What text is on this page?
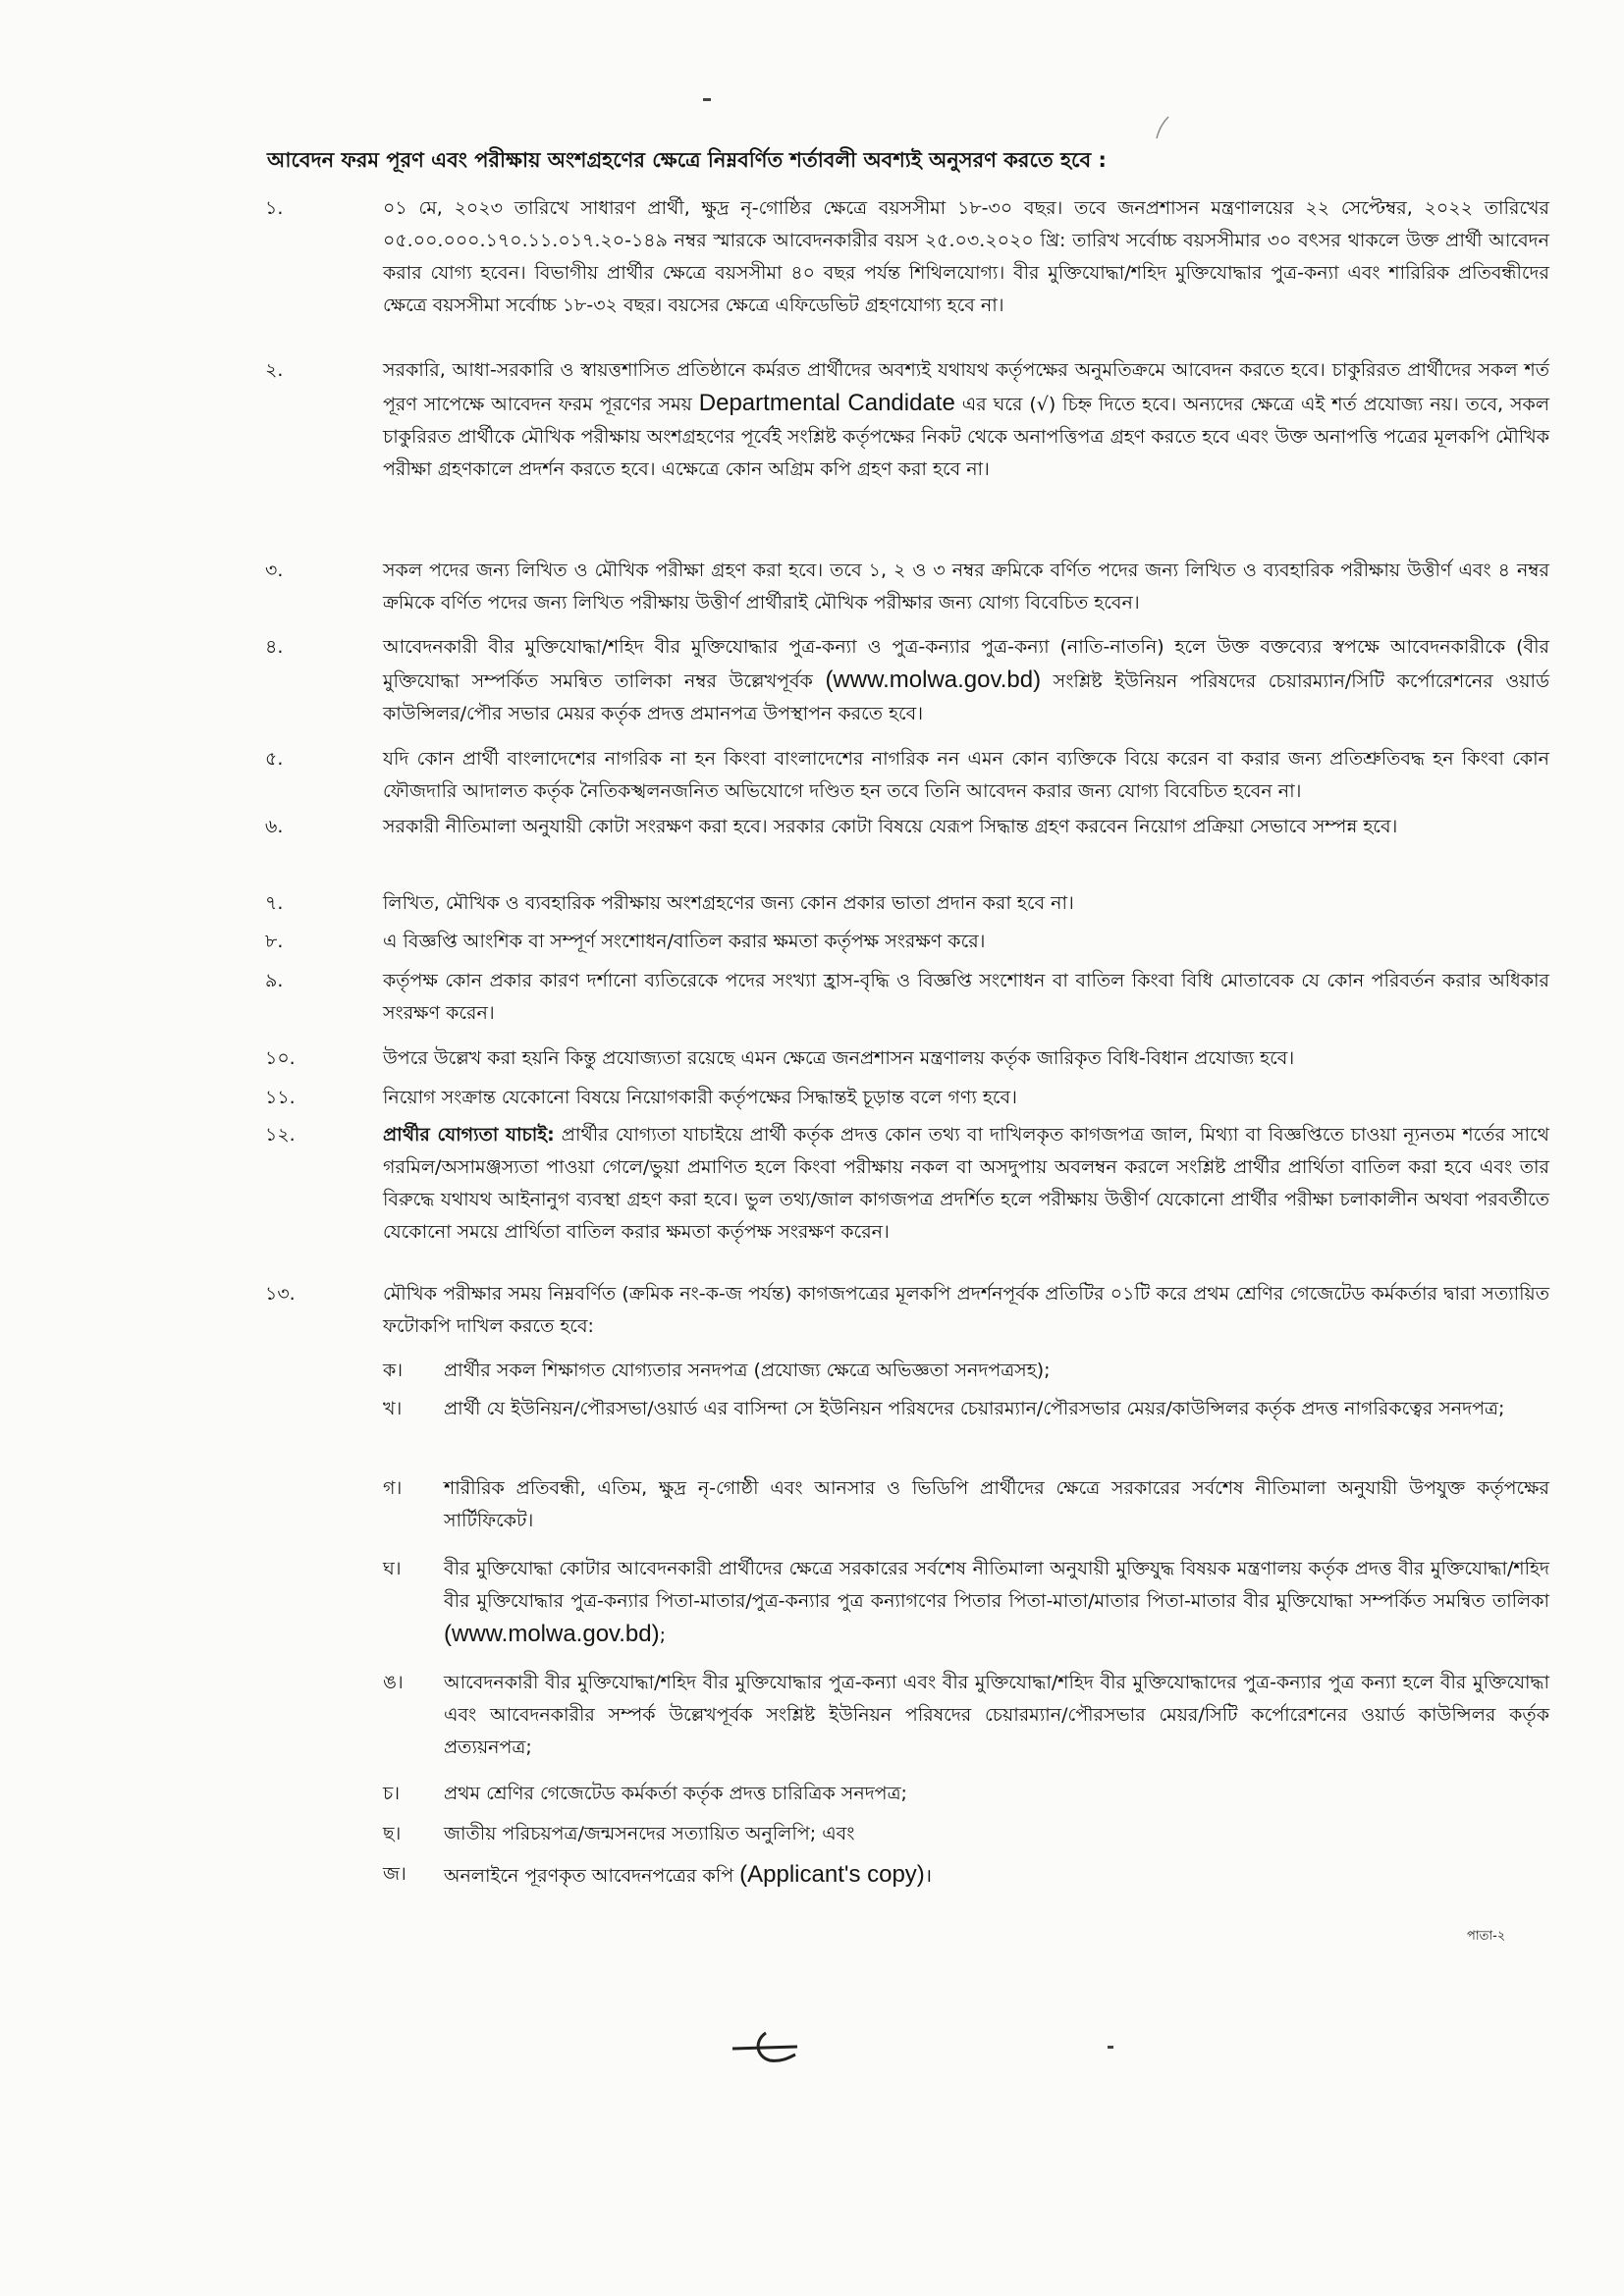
আবেদন ফরম পূরণ এবং পরীক্ষায় অংশগ্রহণের ক্ষেত্রে নিম্নবর্ণিত শর্তাবলী অবশ্যই অনুসরণ করতে হবে :
১.	০১ মে, ২০২৩ তারিখে সাধারণ প্রার্থী, ক্ষুদ্র নৃ-গোষ্ঠির ক্ষেত্রে বয়সসীমা ১৮-৩০ বছর। তবে জনপ্রশাসন মন্ত্রণালয়ের ২২ সেপ্টেম্বর, ২০২২ তারিখের ০৫.০০.০০০.১৭০.১১.০১৭.২০-১৪৯ নম্বর স্মারকে আবেদনকারীর বয়স ২৫.০৩.২০২০ খ্রি: তারিখ সর্বোচ্চ বয়সসীমার ৩০ বৎসর থাকলে উক্ত প্রার্থী আবেদন করার যোগ্য হবেন। বিভাগীয় প্রার্থীর ক্ষেত্রে বয়সসীমা ৪০ বছর পর্যন্ত শিথিলযোগ্য। বীর মুক্তিযোদ্ধা/শহিদ মুক্তিযোদ্ধার পুত্র-কন্যা এবং শারিরিক প্রতিবন্ধীদের ক্ষেত্রে বয়সসীমা সর্বোচ্চ ১৮-৩২ বছর। বয়সের ক্ষেত্রে এফিডেভিট গ্রহণযোগ্য হবে না।
২.	সরকারি, আধা-সরকারি ও স্বায়ত্তশাসিত প্রতিষ্ঠানে কর্মরত প্রার্থীদের অবশ্যই যথাযথ কর্তৃপক্ষের অনুমতিক্রমে আবেদন করতে হবে। চাকুরিরত প্রার্থীদের সকল শর্ত পূরণ সাপেক্ষে আবেদন ফরম পূরণের সময় Departmental Candidate এর ঘরে (√) চিহ্ন দিতে হবে। অন্যদের ক্ষেত্রে এই শর্ত প্রযোজ্য নয়। তবে, সকল চাকুরিরত প্রার্থীকে মৌখিক পরীক্ষায় অংশগ্রহণের পূর্বেই সংশ্লিষ্ট কর্তৃপক্ষের নিকট থেকে অনাপত্তিপত্র গ্রহণ করতে হবে এবং উক্ত অনাপত্তি পত্রের মূলকপি মৌখিক পরীক্ষা গ্রহণকালে প্রদর্শন করতে হবে। এক্ষেত্রে কোন অগ্রিম কপি গ্রহণ করা হবে না।
৩.	সকল পদের জন্য লিখিত ও মৌখিক পরীক্ষা গ্রহণ করা হবে। তবে ১, ২ ও ৩ নম্বর ক্রমিকে বর্ণিত পদের জন্য লিখিত ও ব্যবহারিক পরীক্ষায় উত্তীর্ণ এবং ৪ নম্বর ক্রমিকে বর্ণিত পদের জন্য লিখিত পরীক্ষায় উত্তীর্ণ প্রার্থীরাই মৌখিক পরীক্ষার জন্য যোগ্য বিবেচিত হবেন।
৪.	আবেদনকারী বীর মুক্তিযোদ্ধা/শহিদ বীর মুক্তিযোদ্ধার পুত্র-কন্যা ও পুত্র-কন্যার পুত্র-কন্যা (নাতি-নাতনি) হলে উক্ত বক্তব্যের স্বপক্ষে আবেদনকারীকে (বীর মুক্তিযোদ্ধা সম্পর্কিত সমন্বিত তালিকা নম্বর উল্লেখপূর্বক (www.molwa.gov.bd) সংশ্লিষ্ট ইউনিয়ন পরিষদের চেয়ারম্যান/সিটি কর্পোরেশনের ওয়ার্ড কাউন্সিলর/পৌর সভার মেয়র কর্তৃক প্রদত্ত প্রমানপত্র উপস্থাপন করতে হবে।
৫.	যদি কোন প্রার্থী বাংলাদেশের নাগরিক না হন কিংবা বাংলাদেশের নাগরিক নন এমন কোন ব্যক্তিকে বিয়ে করেন বা করার জন্য প্রতিশ্রুতিবদ্ধ হন কিংবা কোন ফৌজদারি আদালত কর্তৃক নৈতিকস্খলনজনিত অভিযোগে দণ্ডিত হন তবে তিনি আবেদন করার জন্য যোগ্য বিবেচিত হবেন না।
৬.	সরকারী নীতিমালা অনুযায়ী কোটা সংরক্ষণ করা হবে। সরকার কোটা বিষয়ে যেরূপ সিদ্ধান্ত গ্রহণ করবেন নিয়োগ প্রক্রিয়া সেভাবে সম্পন্ন হবে।
৭.	লিখিত, মৌখিক ও ব্যবহারিক পরীক্ষায় অংশগ্রহণের জন্য কোন প্রকার ভাতা প্রদান করা হবে না।
৮.	এ বিজ্ঞপ্তি আংশিক বা সম্পূর্ণ সংশোধন/বাতিল করার ক্ষমতা কর্তৃপক্ষ সংরক্ষণ করে।
৯.	কর্তৃপক্ষ কোন প্রকার কারণ দর্শানো ব্যতিরেকে পদের সংখ্যা হ্রাস-বৃদ্ধি ও বিজ্ঞপ্তি সংশোধন বা বাতিল কিংবা বিধি মোতাবেক যে কোন পরিবর্তন করার অধিকার সংরক্ষণ করেন।
১০.	উপরে উল্লেখ করা হয়নি কিন্তু প্রযোজ্যতা রয়েছে এমন ক্ষেত্রে জনপ্রশাসন মন্ত্রণালয় কর্তৃক জারিকৃত বিধি-বিধান প্রযোজ্য হবে।
১১.	নিয়োগ সংক্রান্ত যেকোনো বিষয়ে নিয়োগকারী কর্তৃপক্ষের সিদ্ধান্তই চূড়ান্ত বলে গণ্য হবে।
১২.	প্রার্থীর যোগ্যতা যাচাই: প্রার্থীর যোগ্যতা যাচাইয়ে প্রার্থী কর্তৃক প্রদত্ত কোন তথ্য বা দাখিলকৃত কাগজপত্র জাল, মিথ্যা বা বিজ্ঞপ্তিতে চাওয়া ন্যূনতম শর্তের সাথে গরমিল/অসামঞ্জস্যতা পাওয়া গেলে/ভুয়া প্রমাণিত হলে কিংবা পরীক্ষায় নকল বা অসদুপায় অবলম্বন করলে সংশ্লিষ্ট প্রার্থীর প্রার্থিতা বাতিল করা হবে এবং তার বিরুদ্ধে যথাযথ আইনানুগ ব্যবস্থা গ্রহণ করা হবে। ভুল তথ্য/জাল কাগজপত্র প্রদর্শিত হলে পরীক্ষায় উত্তীর্ণ যেকোনো প্রার্থীর পরীক্ষা চলাকালীন অথবা পরবর্তীতে যেকোনো সময়ে প্রার্থিতা বাতিল করার ক্ষমতা কর্তৃপক্ষ সংরক্ষণ করেন।
১৩.	মৌখিক পরীক্ষার সময় নিম্নবর্ণিত (ক্রমিক নং-ক-জ পর্যন্ত) কাগজপত্রের মূলকপি প্রদর্শনপূর্বক প্রতিটির ০১টি করে প্রথম শ্রেণির গেজেটেড কর্মকর্তার দ্বারা সত্যায়িত ফটোকপি দাখিল করতে হবে:
ক।	প্রার্থীর সকল শিক্ষাগত যোগ্যতার সনদপত্র (প্রযোজ্য ক্ষেত্রে অভিজ্ঞতা সনদপত্রসহ);
খ।	প্রার্থী যে ইউনিয়ন/পৌরসভা/ওয়ার্ড এর বাসিন্দা সে ইউনিয়ন পরিষদের চেয়ারম্যান/পৌরসভার মেয়র/কাউন্সিলর কর্তৃক প্রদত্ত নাগরিকত্বের সনদপত্র;
গ।	শারীরিক প্রতিবন্ধী, এতিম, ক্ষুদ্র নৃ-গোষ্ঠী এবং আনসার ও ভিডিপি প্রার্থীদের ক্ষেত্রে সরকারের সর্বশেষ নীতিমালা অনুযায়ী উপযুক্ত কর্তৃপক্ষের সার্টিফিকেট।
ঘ।	বীর মুক্তিযোদ্ধা কোটার আবেদনকারী প্রার্থীদের ক্ষেত্রে সরকারের সর্বশেষ নীতিমালা অনুযায়ী মুক্তিযুদ্ধ বিষয়ক মন্ত্রণালয় কর্তৃক প্রদত্ত বীর মুক্তিযোদ্ধা/শহিদ বীর মুক্তিযোদ্ধার পুত্র-কন্যার পিতা-মাতার/পুত্র-কন্যার পুত্র কন্যাগণের পিতার পিতা-মাতা/মাতার পিতা-মাতার বীর মুক্তিযোদ্ধা সম্পর্কিত সমন্বিত তালিকা (www.molwa.gov.bd);
ঙ।	আবেদনকারী বীর মুক্তিযোদ্ধা/শহিদ বীর মুক্তিযোদ্ধার পুত্র-কন্যা এবং বীর মুক্তিযোদ্ধা/শহিদ বীর মুক্তিযোদ্ধাদের পুত্র-কন্যার পুত্র কন্যা হলে বীর মুক্তিযোদ্ধা এবং আবেদনকারীর সম্পর্ক উল্লেখপূর্বক সংশ্লিষ্ট ইউনিয়ন পরিষদের চেয়ারম্যান/পৌরসভার মেয়র/সিটি কর্পোরেশনের ওয়ার্ড কাউন্সিলর কর্তৃক প্রত্যয়নপত্র;
চ।	প্রথম শ্রেণির গেজেটেড কর্মকর্তা কর্তৃক প্রদত্ত চারিত্রিক সনদপত্র;
ছ।	জাতীয় পরিচয়পত্র/জন্মসনদের সত্যায়িত অনুলিপি; এবং
জ।	অনলাইনে পূরণকৃত আবেদনপত্রের কপি (Applicant's copy)।
পাতা-২
